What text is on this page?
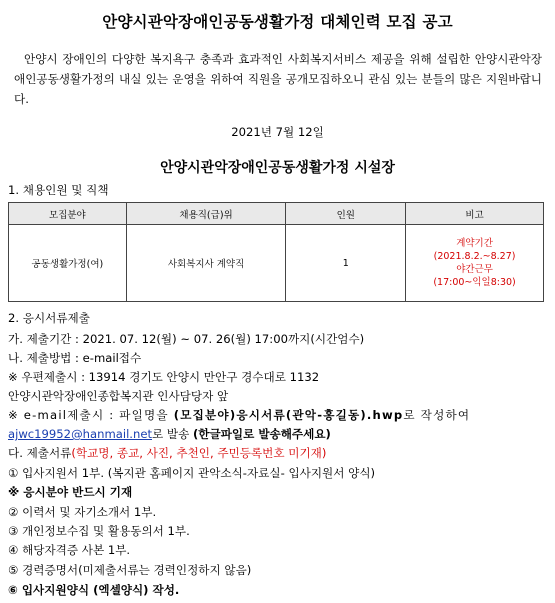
안양시관악장애인공동생활가정 대체인력 모집 공고
안양시 장애인의 다양한 복지욕구 충족과 효과적인 사회복지서비스 제공을 위해 설립한 안양시관악장애인공동생활가정의 내실 있는 운영을 위하여 직원을 공개모집하오니 관심 있는 분들의 많은 지원바랍니다.
2021년 7월 12일
안양시관악장애인공동생활가정 시설장
1. 채용인원 및 직책
모집분야	채용직(급)위	인원	비고
공동생활가정(여)	사회복지사 계약직	1	계약기간
(2021.8.2.~8.27)
야간근무
(17:00~익일8:30)
2. 응시서류제출
가. 제출기간 : 2021. 07. 12(월) ~ 07. 26(월) 17:00까지(시간엄수)
나. 제출방법 : e-mail접수
※ 우편제출시 : 13914 경기도 안양시 만안구 경수대로 1132
안양시관악장애인종합복지관 인사담당자 앞
※ e-mail제출시 : 파일명을 (모집분야)응시서류(관악-홍길동).hwp로 작성하여
ajwc19952@hanmail.net로 발송 (한글파일로 발송해주세요)
다. 제출서류(학교명, 종교, 사진, 추천인, 주민등록번호 미기재)
① 입사지원서 1부. (복지관 홈페이지 관악소식-자료실- 입사지원서 양식)
※ 응시분야 반드시 기재
② 이력서 및 자기소개서 1부.
③ 개인정보수집 및 활용동의서 1부.
④ 해당자격증 사본 1부.
⑤ 경력증명서(미제출서류는 경력인정하지 않음)
⑥ 입사지원양식 (엑셀양식) 작성.
